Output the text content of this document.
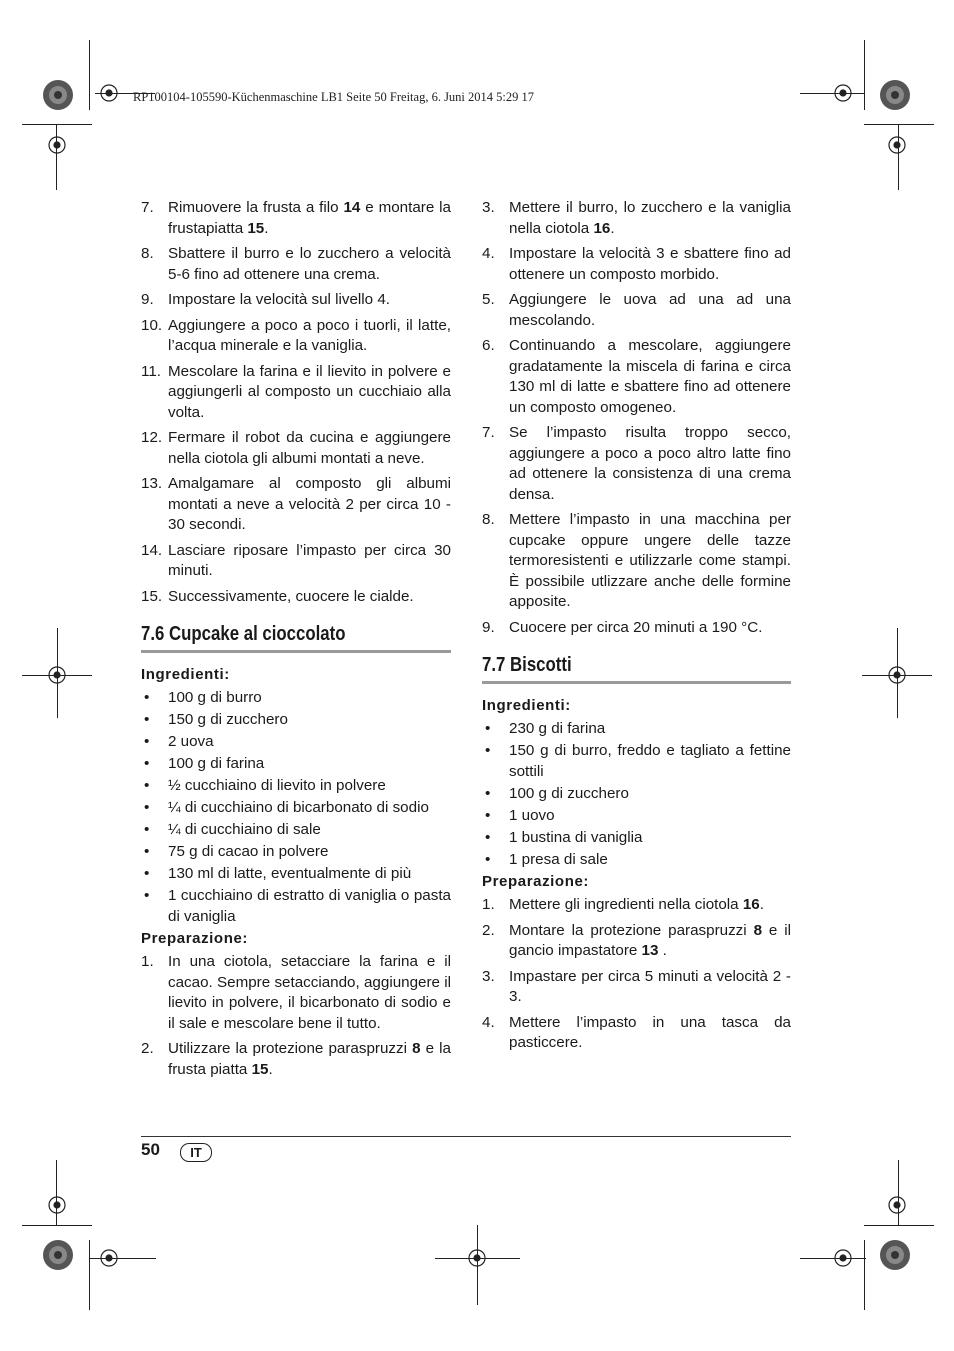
RP100104-105590-Küchenmaschine LB1 Seite 50 Freitag, 6. Juni 2014 5:29 17
7. Rimuovere la frusta a filo 14 e montare la frustapiatta 15.
8. Sbattere il burro e lo zucchero a velocità 5-6 fino ad ottenere una crema.
9. Impostare la velocità sul livello 4.
10. Aggiungere a poco a poco i tuorli, il latte, l’acqua minerale e la vaniglia.
11. Mescolare la farina e il lievito in polvere e aggiungerli al composto un cucchiaio alla volta.
12. Fermare il robot da cucina e aggiungere nella ciotola gli albumi montati a neve.
13. Amalgamare al composto gli albumi montati a neve a velocità 2 per circa 10 - 30 secondi.
14. Lasciare riposare l’impasto per circa 30 minuti.
15. Successivamente, cuocere le cialde.
7.6 Cupcake al cioccolato
Ingredienti:
•	100 g di burro
•	150 g di zucchero
•	2 uova
•	100 g di farina
•	½ cucchiaino di lievito in polvere
•	¼ di cucchiaino di bicarbonato di sodio
•	¼ di cucchiaino di sale
•	75 g di cacao in polvere
•	130 ml di latte, eventualmente di più
•	1 cucchiaino di estratto di vaniglia o pasta di vaniglia
Preparazione:
1. In una ciotola, setacciare la farina e il cacao. Sempre setacciando, aggiungere il lievito in polvere, il bicarbonato di sodio e il sale e mescolare bene il tutto.
2. Utilizzare la protezione paraspruzzi 8 e la frusta piatta 15.
3. Mettere il burro, lo zucchero e la vaniglia nella ciotola 16.
4. Impostare la velocità 3 e sbattere fino ad ottenere un composto morbido.
5. Aggiungere le uova ad una ad una mescolando.
6. Continuando a mescolare, aggiungere gradatamente la miscela di farina e circa 130 ml di latte e sbattere fino ad ottenere un composto omogeneo.
7. Se l’impasto risulta troppo secco, aggiungere a poco a poco altro latte fino ad ottenere la consistenza di una crema densa.
8. Mettere l’impasto in una macchina per cupcake oppure ungere delle tazze termoresistenti e utilizzarle come stampi. È possibile utlizzare anche delle formine apposite.
9. Cuocere per circa 20 minuti a 190 °C.
7.7 Biscotti
Ingredienti:
•	230 g di farina
•	150 g di burro, freddo e tagliato a fettine sottili
•	100 g di zucchero
•	1 uovo
•	1 bustina di vaniglia
•	1 presa di sale
Preparazione:
1. Mettere gli ingredienti nella ciotola 16.
2. Montare la protezione paraspruzzi 8 e il gancio impastatore 13 .
3. Impastare per circa 5 minuti a velocità 2 - 3.
4. Mettere l’impasto in una tasca da pasticcere.
50	IT
